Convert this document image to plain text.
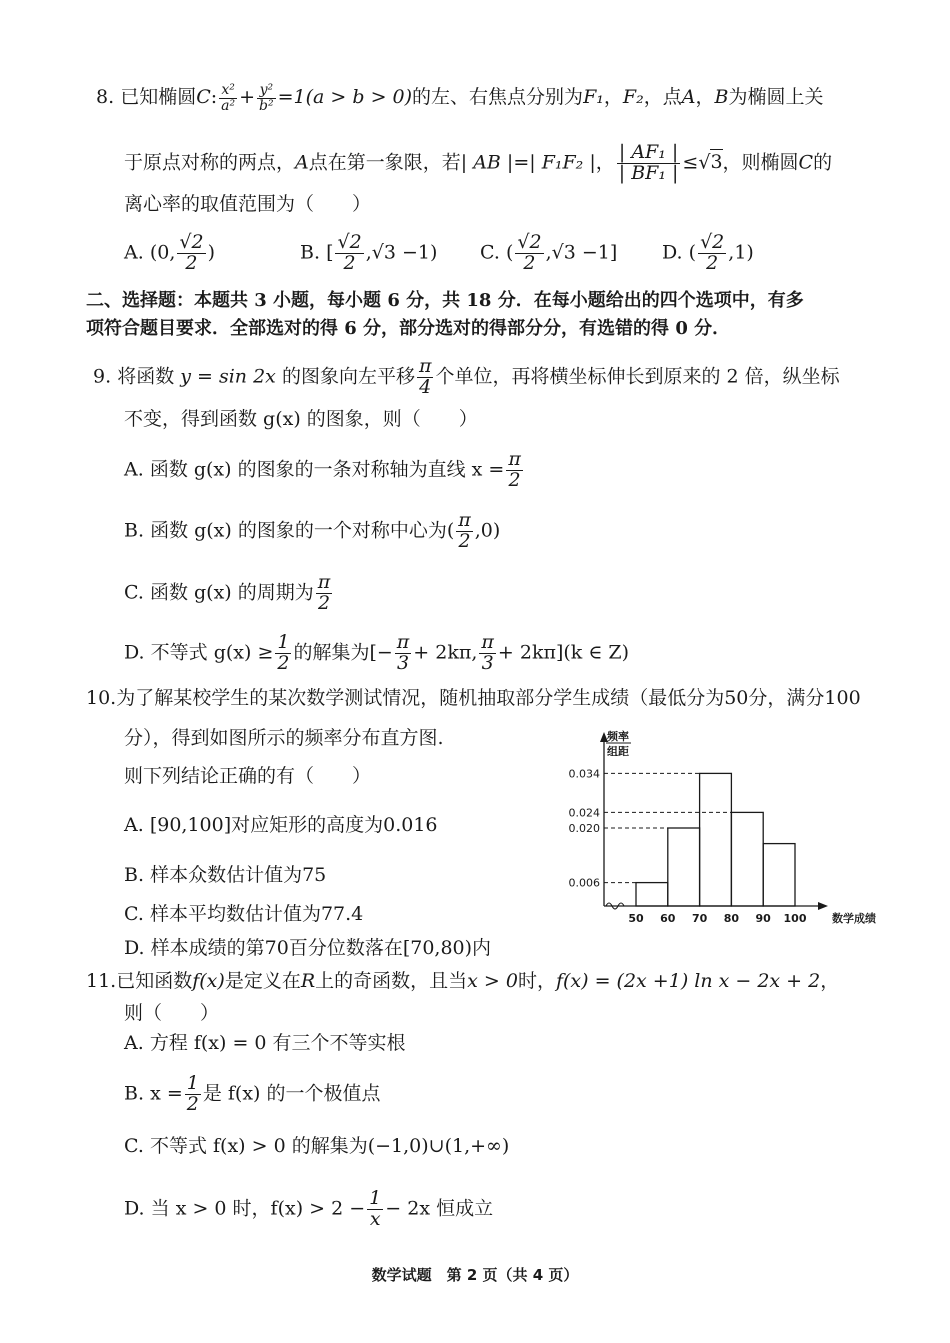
8. 已知椭圆C: $\frac{\text{x²}}{\text{a²}} + \frac{\text{y²}}{\text{b²}} =1(a > b > 0)$的左、右焦点分别为F₁，F₂，点A，B为椭圆上关
于原点对称的两点，A点在第一象限，若| AB |=| F₁F₂ |， $\frac{\text{| AF₁ |}}{\text{| BF₁ |}} \le√3$，则椭圆C的
离心率的取值范围为（　　）
A. (0, $\frac{√2}{2}$ )	B. [ $\frac{√2}{2} ,√3 -1$) C. ( $\frac{√2}{2} ,√3 -1$] D. ( $\frac{√2}{2} ,1$)
二、选择题：本题共 3 小题，每小题 6 分，共 18 分．在每小题给出的四个选项中，有多
项符合题目要求．全部选对的得 6 分，部分选对的得部分分，有选错的得 0 分．
9. 将函数 y = sin 2x 的图象向左平移 $\frac{\pi}{4}$ 个单位，再将横坐标伸长到原来的 2 倍，纵坐标
不变，得到函数 g(x) 的图象，则（　　）
A. 函数 g(x) 的图象的一条对称轴为直线 $x = \frac{\pi}{2}$
B. 函数 g(x) 的图象的一个对称中心为( $\frac{\pi}{2} ,0$)
C. 函数 g(x) 的周期为 $\frac{\pi}{2}$
D. 不等式 $g(x) \ge \frac{1}{2}$ 的解集为[− $\frac{\pi}{3} + 2k\pi$, $\frac{\pi}{3} + 2k\pi](k$ ∈ Z)
10.为了解某校学生的某次数学测试情况，随机抽取部分学生成绩（最低分为50分，满分100
分），得到如图所示的频率分布直方图.
则下列结论正确的有（　　）
A. [90,100]对应矩形的高度为0.016
B. 样本众数估计值为75
C. 样本平均数估计值为77.4
D. 样本成绩的第70百分位数落在[70,80)内
0.006
0.020
0.024
0.034
50 60 70 80 90 100
频率
组距
数学成绩
11.已知函数f(x)是定义在R上的奇函数，且当x > 0时，f(x) = (2x +1) ln x − 2x + 2，
则（　　）
A. 方程 f(x) = 0 有三个不等实根
B. $x = \frac{1}{2}$ 是 f(x) 的一个极值点
C. 不等式 f(x) > 0 的解集为(−1,0)∪(1,+∞)
D. 当 x > 0 时，$f(x) > 2 - \frac{1}{x} - 2x$ 恒成立
数学试题　第 2 页（共 4 页）
